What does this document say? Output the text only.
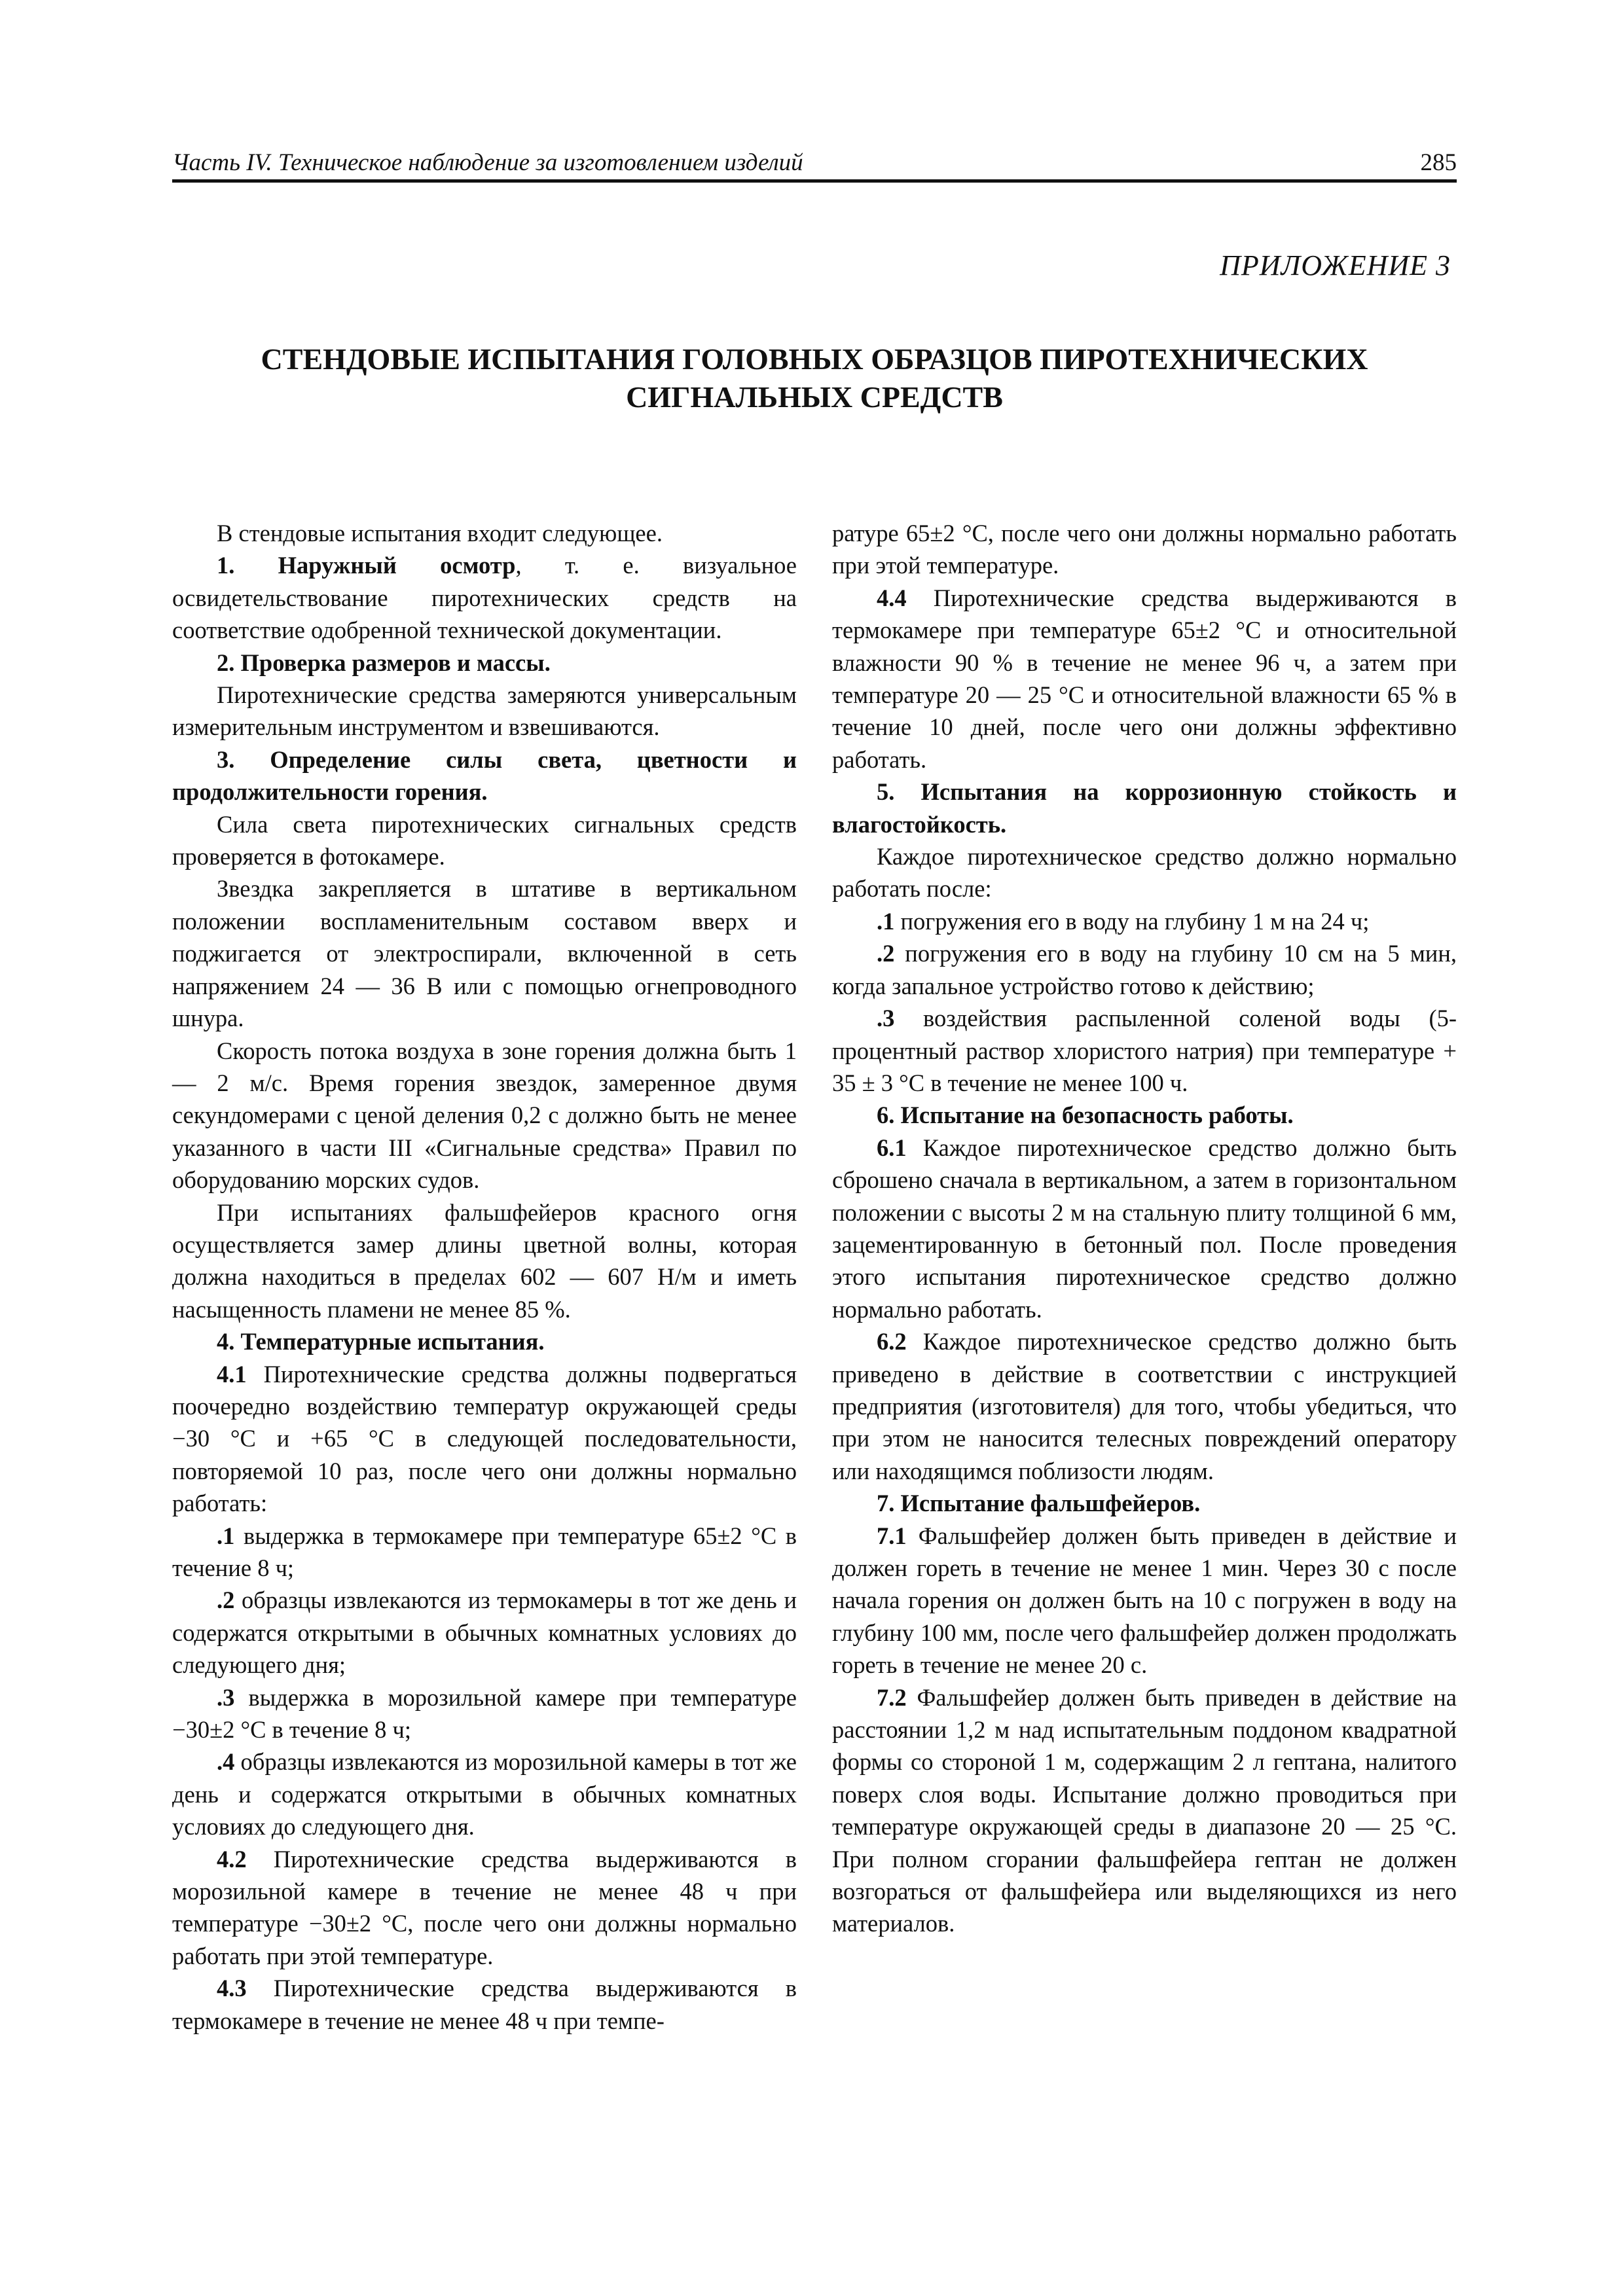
Часть IV. Техническое наблюдение за изготовлением изделий	285
ПРИЛОЖЕНИЕ 3
СТЕНДОВЫЕ ИСПЫТАНИЯ ГОЛОВНЫХ ОБРАЗЦОВ ПИРОТЕХНИЧЕСКИХ
СИГНАЛЬНЫХ СРЕДСТВ

В стендовые испытания входит следующее.

1. Наружный осмотр, т. е. визуальное освидетельствование пиротехнических средств на соответствие одобренной технической документации.

2. Проверка размеров и массы.

Пиротехнические средства замеряются универсальным измерительным инструментом и взвешиваются.

3. Определение силы света, цветности и продолжительности горения.

Сила света пиротехнических сигнальных средств проверяется в фотокамере.

Звездка закрепляется в штативе в вертикальном положении воспламенительным составом вверх и поджигается от электроспирали, включенной в сеть напряжением 24 — 36 В или с помощью огнепроводного шнура.

Скорость потока воздуха в зоне горения должна быть 1 — 2 м/с. Время горения звездок, замеренное двумя секундомерами с ценой деления 0,2 с должно быть не менее указанного в части III «Сигнальные средства» Правил по оборудованию морских судов.

При испытаниях фальшфейеров красного огня осуществляется замер длины цветной волны, которая должна находиться в пределах 602 — 607 Н/м и иметь насыщенность пламени не менее 85 %.

4. Температурные испытания.

4.1 Пиротехнические средства должны подвергаться поочередно воздействию температур окружающей среды −30 °С и +65 °С в следующей последовательности, повторяемой 10 раз, после чего они должны нормально работать:

.1 выдержка в термокамере при температуре 65±2 °С в течение 8 ч;

.2 образцы извлекаются из термокамеры в тот же день и содержатся открытыми в обычных комнатных условиях до следующего дня;

.3 выдержка в морозильной камере при температуре −30±2 °С в течение 8 ч;

.4 образцы извлекаются из морозильной камеры в тот же день и содержатся открытыми в обычных комнатных условиях до следующего дня.

4.2 Пиротехнические средства выдерживаются в морозильной камере в течение не менее 48 ч при температуре −30±2 °С, после чего они должны нормально работать при этой температуре.

4.3 Пиротехнические средства выдерживаются в термокамере в течение не менее 48 ч при темпе-

ратуре 65±2 °С, после чего они должны нормально работать при этой температуре.

4.4 Пиротехнические средства выдерживаются в термокамере при температуре 65±2 °С и относительной влажности 90 % в течение не менее 96 ч, а затем при температуре 20 — 25 °С и относительной влажности 65 % в течение 10 дней, после чего они должны эффективно работать.

5. Испытания на коррозионную стойкость и влагостойкость.

Каждое пиротехническое средство должно нормально работать после:

.1 погружения его в воду на глубину 1 м на 24 ч;

.2 погружения его в воду на глубину 10 см на 5 мин, когда запальное устройство готово к действию;

.3 воздействия распыленной соленой воды (5-процентный раствор хлористого натрия) при температуре + 35 ± 3 °С в течение не менее 100 ч.

6. Испытание на безопасность работы.

6.1 Каждое пиротехническое средство должно быть сброшено сначала в вертикальном, а затем в горизонтальном положении с высоты 2 м на стальную плиту толщиной 6 мм, зацементированную в бетонный пол. После проведения этого испытания пиротехническое средство должно нормально работать.

6.2 Каждое пиротехническое средство должно быть приведено в действие в соответствии с инструкцией предприятия (изготовителя) для того, чтобы убедиться, что при этом не наносится телесных повреждений оператору или находящимся поблизости людям.

7. Испытание фальшфейеров.

7.1 Фальшфейер должен быть приведен в действие и должен гореть в течение не менее 1 мин. Через 30 с после начала горения он должен быть на 10 с погружен в воду на глубину 100 мм, после чего фальшфейер должен продолжать гореть в течение не менее 20 с.

7.2 Фальшфейер должен быть приведен в действие на расстоянии 1,2 м над испытательным поддоном квадратной формы со стороной 1 м, содержащим 2 л гептана, налитого поверх слоя воды. Испытание должно проводиться при температуре окружающей среды в диапазоне 20 — 25 °С. При полном сгорании фальшфейера гептан не должен возгораться от фальшфейера или выделяющихся из него материалов.
